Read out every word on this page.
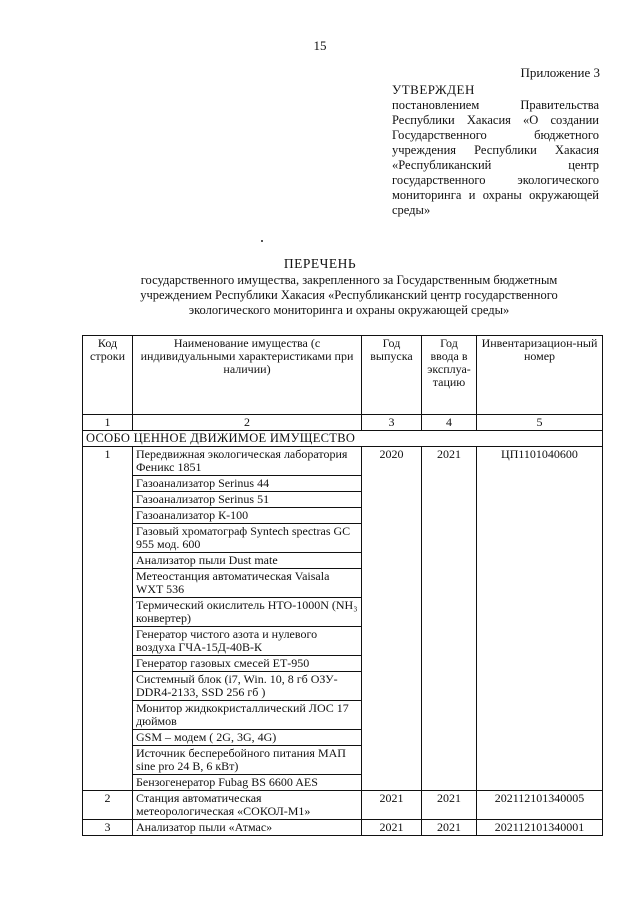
15
Приложение 3
УТВЕРЖДЕН
постановлением Правительства Республики Хакасия «О создании Государственного бюджетного учреждения Республики Хакасия «Республиканский центр государственного экологического мониторинга и охраны окружающей среды»
ПЕРЕЧЕНЬ
государственного имущества, закрепленного за Государственным бюджетным учреждением Республики Хакасия «Республиканский центр государственного экологического мониторинга и охраны окружающей среды»
Код строки	Наименование имущества (с индивидуальными характеристиками при наличии)	Год выпуска	Год ввода в эксплуа-тацию	Инвентаризацион-ный номер
1	2	3	4	5
ОСОБО ЦЕННОЕ ДВИЖИМОЕ ИМУЩЕСТВО				
1	Передвижная экологическая лаборатория Феникс 1851	2020	2021	ЦП1101040600
	Газоанализатор Serinus 44			
	Газоанализатор Serinus 51			
	Газоанализатор К-100			
	Газовый хроматограф Syntech spectras GC 955 мод. 600			
	Анализатор пыли Dust mate			
	Метеостанция автоматическая Vaisala WXT 536			
	Термический окислитель НТО-1000N (NH₃ конвертер)			
	Генератор чистого азота и нулевого воздуха ГЧА-15Д-40В-К			
	Генератор газовых смесей ЕТ-950			
	Системный блок (i7, Win. 10, 8 гб ОЗУ-DDR4-2133, SSD 256 гб )			
	Монитор жидкокристаллический ЛОС 17 дюймов			
	GSM – модем ( 2G, 3G, 4G)			
	Источник бесперебойного питания МАП sine pro 24 В, 6 кВт)			
	Бензогенератор Fubag BS 6600 AES			
2	Станция автоматическая метеорологическая «СОКОЛ-М1»	2021	2021	202112101340005
3	Анализатор пыли «Атмас»	2021	2021	202112101340001
